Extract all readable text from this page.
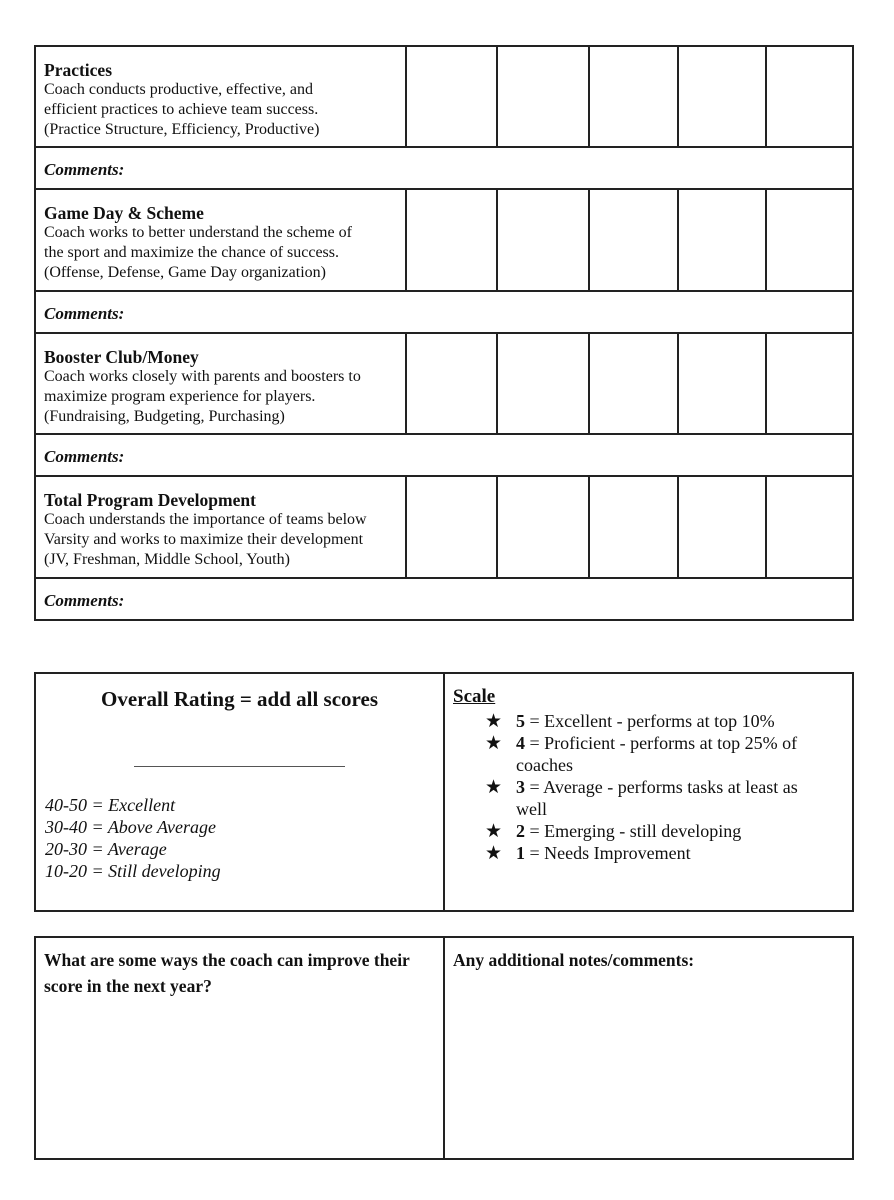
Practices
Coach conducts productive, effective, and
efficient practices to achieve team success.
(Practice Structure, Efficiency, Productive)					

Comments:					

Game Day & Scheme
Coach works to better understand the scheme of
the sport and maximize the chance of success.
(Offense, Defense, Game Day organization)					

Comments:					

Booster Club/Money
Coach works closely with parents and boosters to
maximize program experience for players.
(Fundraising, Budgeting, Purchasing)					

Comments:					

Total Program Development
Coach understands the importance of teams below
Varsity and works to maximize their development
(JV, Freshman, Middle School, Youth)					

Comments:					
Overall Rating = add all scores
40-50 = Excellent
30-40 = Above Average
20-30 = Average
10-20 = Still developing

Scale
★ 5 = Excellent - performs at top 10%
★ 4 = Proficient - performs at top 25% of coaches
★ 3 = Average - performs tasks at least as well
★ 2 = Emerging - still developing
★ 1 = Needs Improvement
What are some ways the coach can improve their score in the next year?	Any additional notes/comments:
